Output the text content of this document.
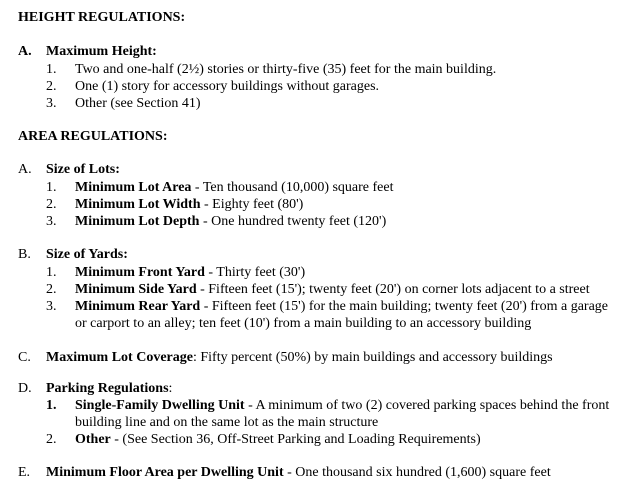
HEIGHT REGULATIONS:
A. Maximum Height:
1. Two and one-half (2½) stories or thirty-five (35) feet for the main building.
2. One (1) story for accessory buildings without garages.
3. Other (see Section 41)
AREA REGULATIONS:
A. Size of Lots:
1. Minimum Lot Area - Ten thousand (10,000) square feet
2. Minimum Lot Width - Eighty feet (80')
3. Minimum Lot Depth - One hundred twenty feet (120')
B. Size of Yards:
1. Minimum Front Yard - Thirty feet (30')
2. Minimum Side Yard - Fifteen feet (15'); twenty feet (20') on corner lots adjacent to a street
3. Minimum Rear Yard - Fifteen feet (15') for the main building; twenty feet (20') from a garage
or carport to an alley; ten feet (10') from a main building to an accessory building
C. Maximum Lot Coverage: Fifty percent (50%) by main buildings and accessory buildings
D. Parking Regulations:
1. Single-Family Dwelling Unit - A minimum of two (2) covered parking spaces behind the front
building line and on the same lot as the main structure
2. Other - (See Section 36, Off-Street Parking and Loading Requirements)
E. Minimum Floor Area per Dwelling Unit - One thousand six hundred (1,600) square feet
